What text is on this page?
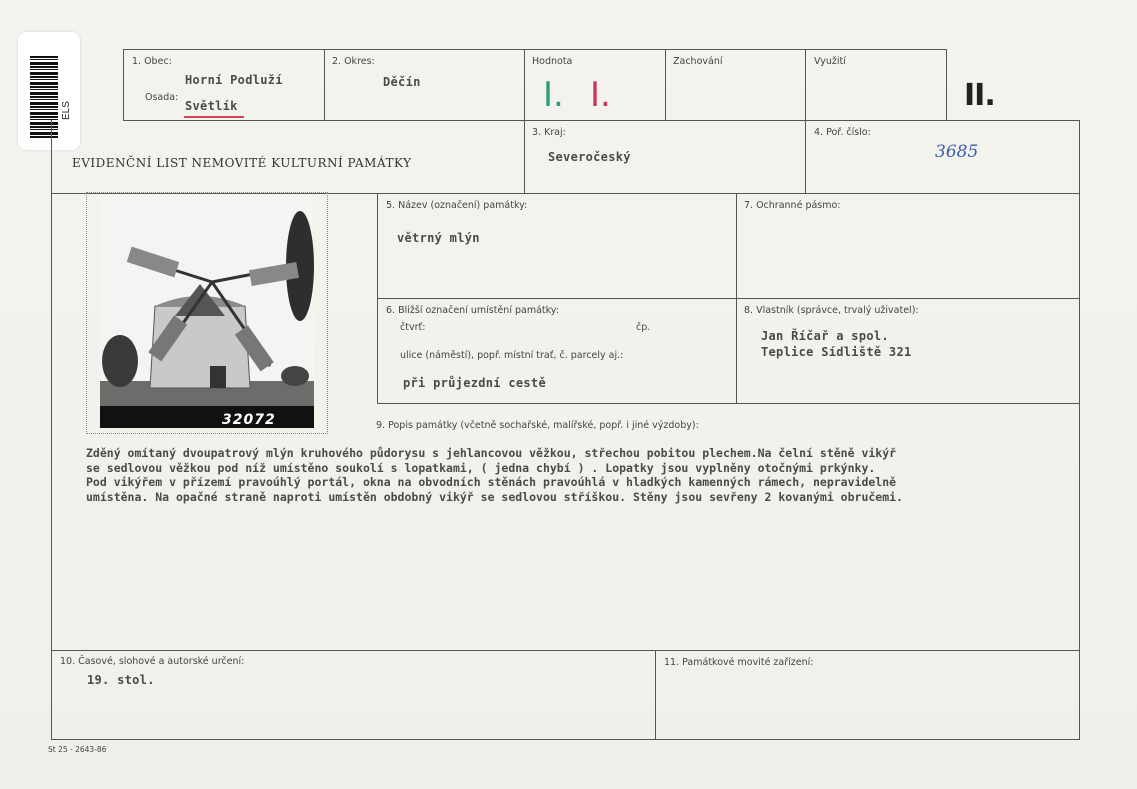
ELS
1. Obec:
Horní Podluží
Osada:
Světlík
2. Okres:
Děčín
Hodnota
I. I.
Zachování	Využití
II.
EVIDENČNÍ LIST NEMOVITÉ KULTURNÍ PAMÁTKY
3. Kraj:
Severočeský
4. Poř. číslo:
3685
32072
5. Název (označení) památky:
větrný mlýn
7. Ochranné pásmo:
6. Bližší označení umístění památky:
čtvrť:	čp.
ulice (náměstí), popř. místní trať, č. parcely aj.:
při průjezdní cestě
8. Vlastník (správce, trvalý uživatel):
Jan Říčař a spol.
Teplice Sídliště 321
9. Popis památky (včetně sochařské, malířské, popř. i jiné výzdoby):
Zděný omítaný dvoupatrový mlýn kruhového půdorysu s jehlancovou věžkou, střechou pobitou plechem.Na čelní stěně vikýř
se sedlovou věžkou pod níž umístěno soukolí s lopatkami, ( jedna chybí ) . Lopatky jsou vyplněny otočnými prkýnky.
Pod vikýřem v přízemí pravoúhlý portál, okna na obvodních stěnách pravoúhlá v hladkých kamenných rámech, nepravidelně
umístěna. Na opačné straně naproti umístěn obdobný vikýř se sedlovou stříškou. Stěny jsou sevřeny 2 kovanými obručemi.
10. Časové, slohové a autorské určení:
19. stol.
11. Památkové movité zařízení:
St 25 - 2643-86
